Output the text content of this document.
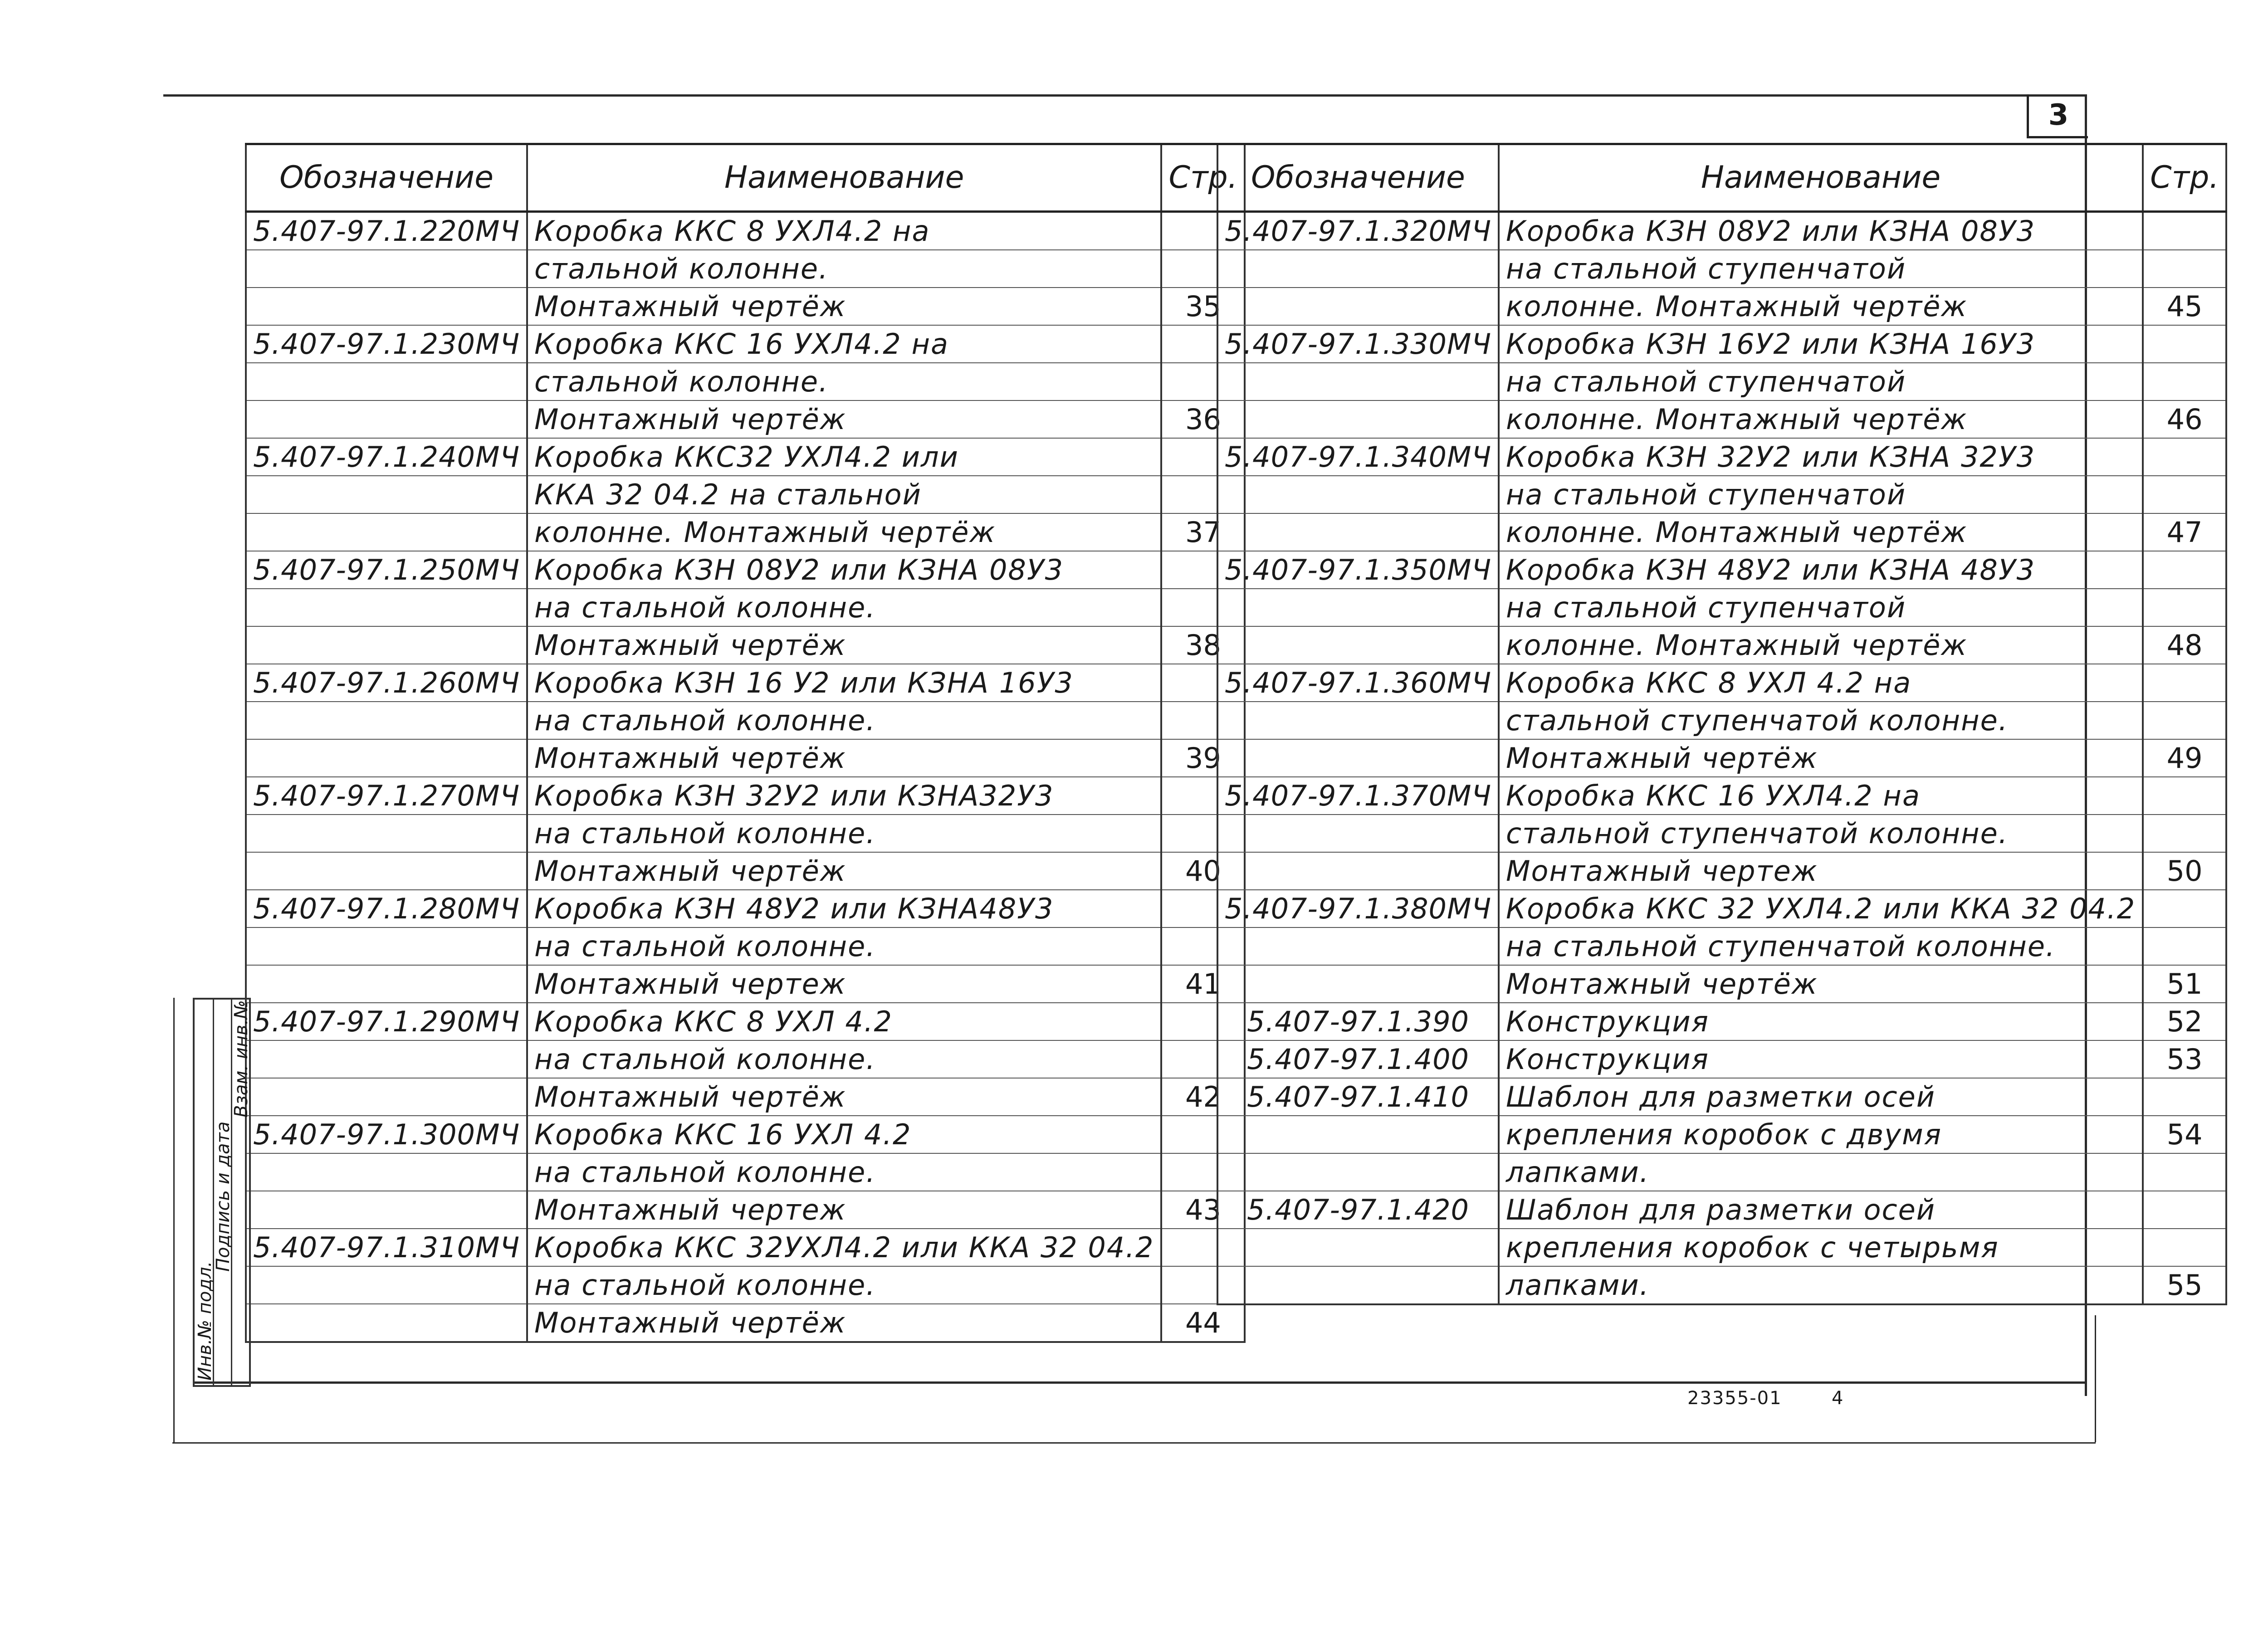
3
Обозначение	Наименование	Стр.
5.407-97.1.220МЧ	Коробка ККС 8 УХЛ4.2 на	
	стальной колонне.	
	Монтажный чертёж	35
5.407-97.1.230МЧ	Коробка ККС 16 УХЛ4.2 на	
	стальной колонне.	
	Монтажный чертёж	36
5.407-97.1.240МЧ	Коробка ККС32 УХЛ4.2 или	
	ККА 32 04.2 на стальной	
	колонне. Монтажный чертёж	37
5.407-97.1.250МЧ	Коробка КЗН 08У2 или КЗНА 08У3	
	на стальной колонне.	
	Монтажный чертёж	38
5.407-97.1.260МЧ	Коробка КЗН 16 У2 или КЗНА 16У3	
	на стальной колонне.	
	Монтажный чертёж	39
5.407-97.1.270МЧ	Коробка КЗН 32У2 или КЗНА32У3	
	на стальной колонне.	
	Монтажный чертёж	40
5.407-97.1.280МЧ	Коробка КЗН 48У2 или КЗНА48У3	
	на стальной колонне.	
	Монтажный чертеж	41
5.407-97.1.290МЧ	Коробка ККС 8 УХЛ 4.2	
	на стальной колонне.	
	Монтажный чертёж	42
5.407-97.1.300МЧ	Коробка ККС 16 УХЛ 4.2	
	на стальной колонне.	
	Монтажный чертеж	43
5.407-97.1.310МЧ	Коробка ККС 32УХЛ4.2 или ККА 32 04.2	
	на стальной колонне.	
	Монтажный чертёж	44
Обозначение	Наименование	Стр.
5.407-97.1.320МЧ	Коробка КЗН 08У2 или КЗНА 08У3	
	на стальной ступенчатой	
	колонне. Монтажный чертёж	45
5.407-97.1.330МЧ	Коробка КЗН 16У2 или КЗНА 16У3	
	на стальной ступенчатой	
	колонне. Монтажный чертёж	46
5.407-97.1.340МЧ	Коробка КЗН 32У2 или КЗНА 32У3	
	на стальной ступенчатой	
	колонне. Монтажный чертёж	47
5.407-97.1.350МЧ	Коробка КЗН 48У2 или КЗНА 48У3	
	на стальной ступенчатой	
	колонне. Монтажный чертёж	48
5.407-97.1.360МЧ	Коробка ККС 8 УХЛ 4.2 на	
	стальной ступенчатой колонне.	
	Монтажный чертёж	49
5.407-97.1.370МЧ	Коробка ККС 16 УХЛ4.2 на	
	стальной ступенчатой колонне.	
	Монтажный чертеж	50
5.407-97.1.380МЧ	Коробка ККС 32 УХЛ4.2 или ККА 32 04.2	
	на стальной ступенчатой колонне.	
	Монтажный чертёж	51
5.407-97.1.390	Конструкция	52
5.407-97.1.400	Конструкция	53
5.407-97.1.410	Шаблон для разметки осей	
	крепления коробок с двумя	54
	лапками.	
5.407-97.1.420	Шаблон для разметки осей	
	крепления коробок с четырьмя	
	лапками.	55
Инв.№ подл.
Подпись и дата
Взам. инв.№
23355-01	4
